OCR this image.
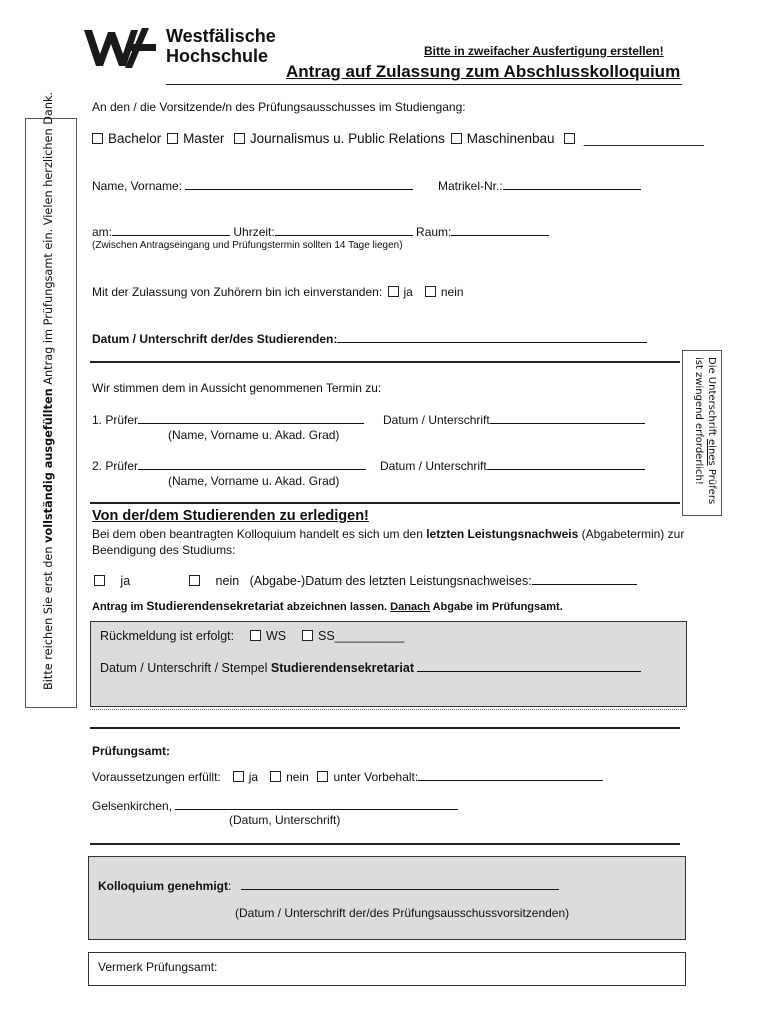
Westfälische
Hochschule	Bitte in zweifacher Ausfertigung erstellen!
Antrag auf Zulassung zum Abschlusskolloquium
Bitte reichen Sie erst den vollständig ausgefüllten Antrag im Prüfungsamt ein. Vielen herzlichen Dank.
Die Unterschrift eines Prüfers
ist zwingend erforderlich!
An den / die Vorsitzende/n des Prüfungsausschusses im Studiengang:
Bachelor Master Journalismus u. Public Relations Maschinenbau ________________
Name, Vorname:	Matrikel-Nr.:
am:	Uhrzeit:	Raum:
(Zwischen Antragseingang und Prüfungstermin sollten 14 Tage liegen)
Mit der Zulassung von Zuhörern bin ich einverstanden: ja nein
Datum / Unterschrift der/des Studierenden:
Wir stimmen dem in Aussicht genommenen Termin zu:
1. Prüfer	Datum / Unterschrift
(Name, Vorname u. Akad. Grad)
2. Prüfer	Datum / Unterschrift
(Name, Vorname u. Akad. Grad)
Von der/dem Studierenden zu erledigen!
Bei dem oben beantragten Kolloquium handelt es sich um den letzten Leistungsnachweis (Abgabetermin) zur
Beendigung des Studiums:
ja	nein (Abgabe-)Datum des letzten Leistungsnachweises:
Antrag im Studierendensekretariat abzeichnen lassen. Danach Abgabe im Prüfungsamt.
Rückmeldung ist erfolgt:	WS	SS__________
Datum / Unterschrift / Stempel Studierendensekretariat
Prüfungsamt:
Voraussetzungen erfüllt: ja nein unter Vorbehalt:
Gelsenkirchen,
(Datum, Unterschrift)
Kolloquium genehmigt:
(Datum / Unterschrift der/des Prüfungsausschussvorsitzenden)
Vermerk Prüfungsamt:
